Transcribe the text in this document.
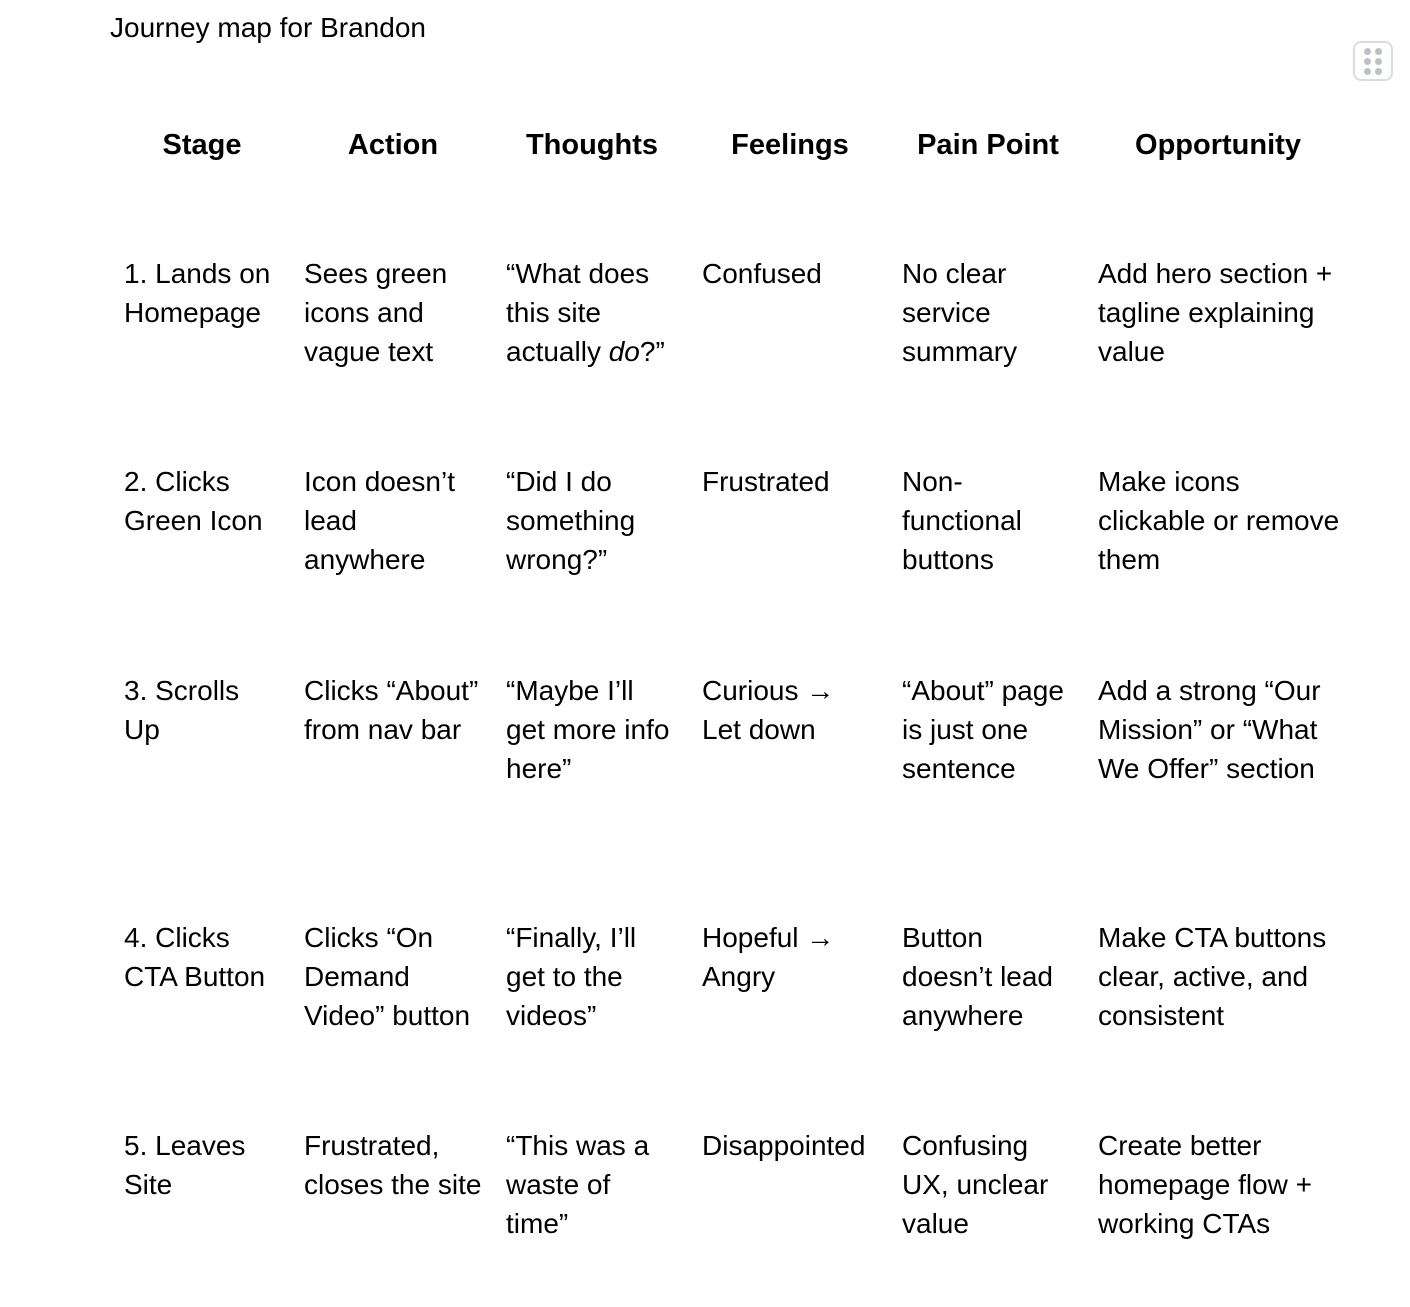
Journey map for Brandon
Stage	Action	Thoughts	Feelings	Pain Point	Opportunity
1. Lands on Homepage	Sees green icons and vague text	“What does this site actually do?”	Confused	No clear service summary	Add hero section + tagline explaining value
2. Clicks Green Icon	Icon doesn’t lead anywhere	“Did I do something wrong?”	Frustrated	Non-functional buttons	Make icons clickable or remove them
3. Scrolls Up	Clicks “About” from nav bar	“Maybe I’ll get more info here”	Curious → Let down	“About” page is just one sentence	Add a strong “Our Mission” or “What We Offer” section
4. Clicks CTA Button	Clicks “On Demand Video” button	“Finally, I’ll get to the videos”	Hopeful → Angry	Button doesn’t lead anywhere	Make CTA buttons clear, active, and consistent
5. Leaves Site	Frustrated, closes the site	“This was a waste of time”	Disappointed	Confusing UX, unclear value	Create better homepage flow + working CTAs
